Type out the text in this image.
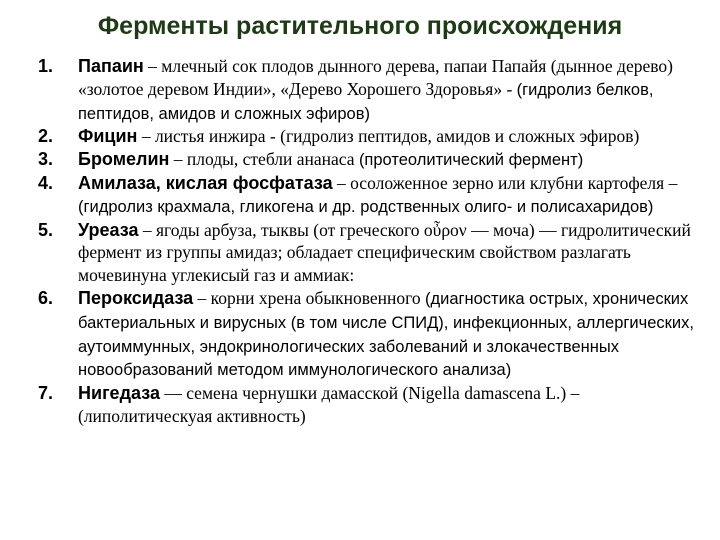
Ферменты растительного происхождения
1. Папаин – млечный сок плодов дынного дерева, папаи Папайя (дынное дерево) «золотое деревом Индии», «Дерево Хорошего Здоровья» - (гидролиз белков, пептидов, амидов и сложных эфиров)
2. Фицин – листья инжира - (гидролиз пептидов, амидов и сложных эфиров)
3. Бромелин – плоды, стебли ананаса (протеолитический фермент)
4. Амилаза, кислая фосфатаза – осоложенное зерно или клубни картофеля – (гидролиз крахмала, гликогена и др. родственных олиго- и полисахаридов)
5. Уреаза – ягоды арбуза, тыквы (от греческого οὖρον — моча) — гидролитический фермент из группы амидаз; обладает специфическим свойством разлагать мочевинуна углекисый газ и аммиак:
6. Пероксидаза – корни хрена обыкновенного (диагностика острых, хронических бактериальных и вирусных (в том числе СПИД), инфекционных, аллергических, аутоиммунных, эндокринологических заболеваний и злокачественных новообразований методом иммунологического анализа)
7. Нигедаза — семена чернушки дамасской (Nigella damascena L.) – (липолитическуая активность)
